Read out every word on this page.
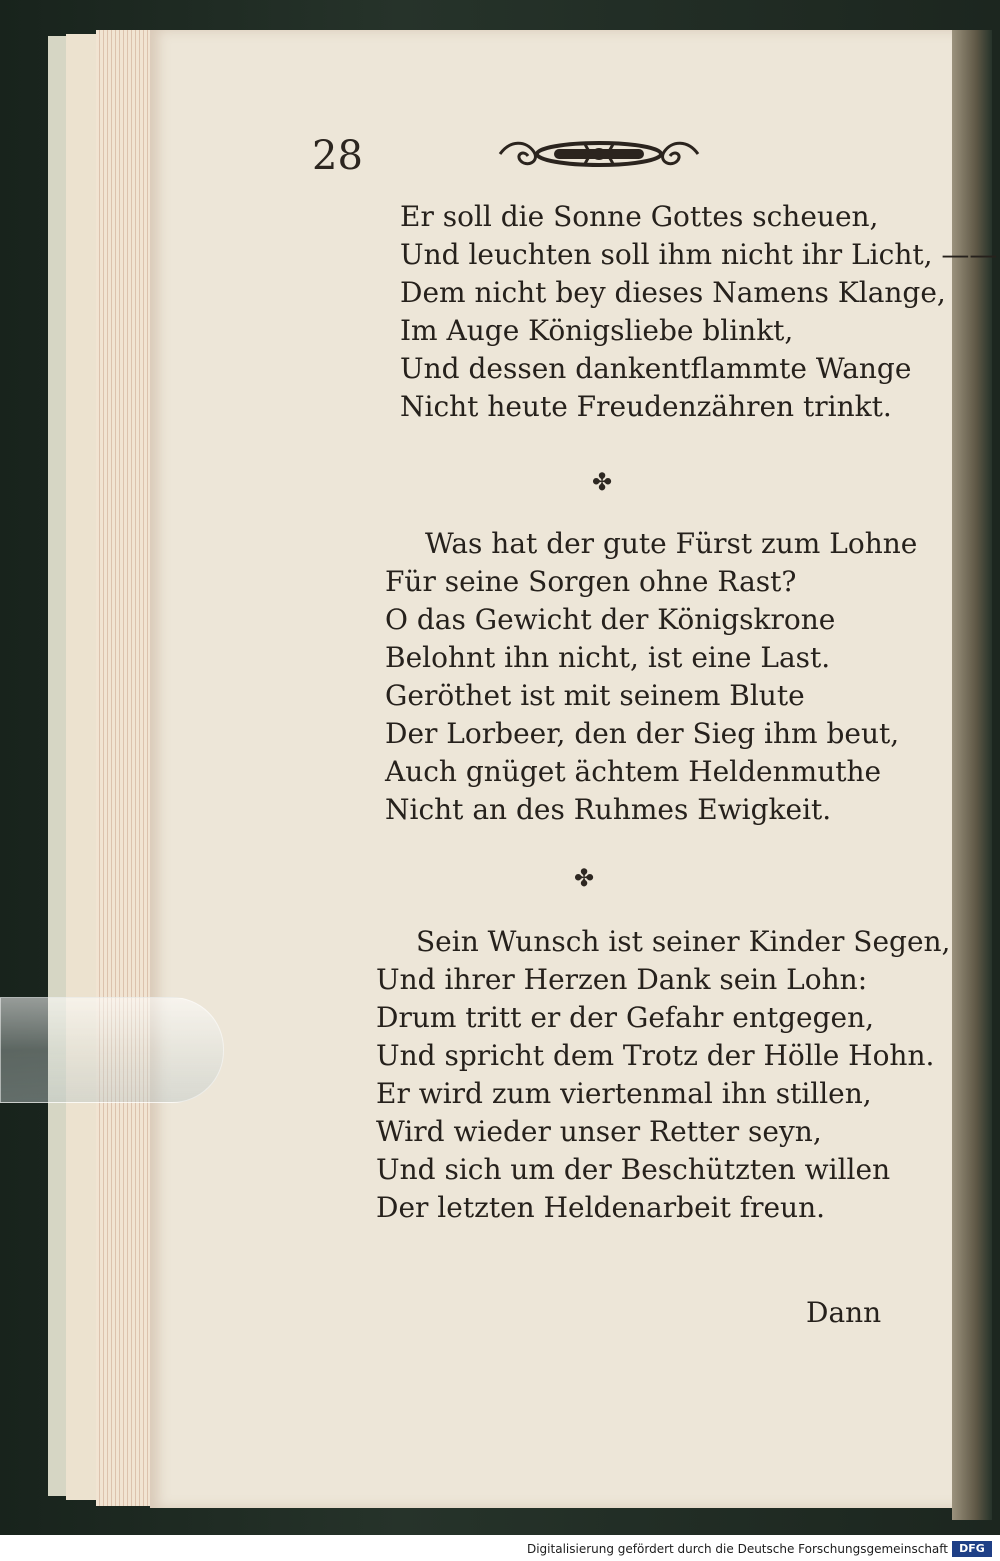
28
Er soll die Sonne Gottes scheuen,
Und leuchten soll ihm nicht ihr Licht, ——
Dem nicht bey dieses Namens Klange,
Im Auge Königsliebe blinkt,
Und dessen dankentflammte Wange
Nicht heute Freudenzähren trinkt.
✤
Was hat der gute Fürst zum Lohne
Für seine Sorgen ohne Rast?
O das Gewicht der Königskrone
Belohnt ihn nicht, ist eine Last.
Geröthet ist mit seinem Blute
Der Lorbeer, den der Sieg ihm beut,
Auch gnüget ächtem Heldenmuthe
Nicht an des Ruhmes Ewigkeit.
✤
Sein Wunsch ist seiner Kinder Segen,
Und ihrer Herzen Dank sein Lohn:
Drum tritt er der Gefahr entgegen,
Und spricht dem Trotz der Hölle Hohn.
Er wird zum viertenmal ihn stillen,
Wird wieder unser Retter seyn,
Und sich um der Beschützten willen
Der letzten Heldenarbeit freun.
Dann
Digitalisierung gefördert durch die Deutsche Forschungsgemeinschaft	DFG
